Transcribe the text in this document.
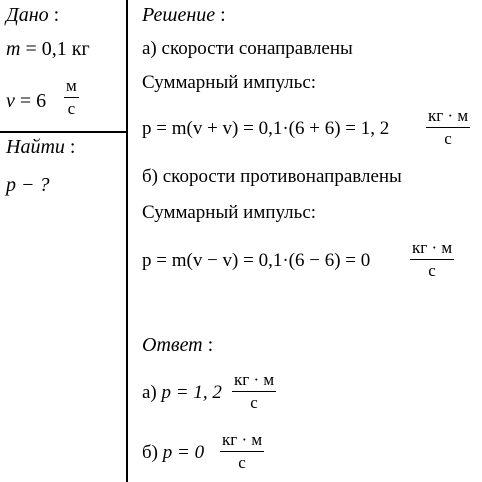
Дано :
m = 0,1 кг
v = 6
м
с
Найти :
p − ?
Решение :
а) скорости сонаправлены
Суммарный импульс:
p = m(v + v) = 0,1·(6 + 6) = 1, 2
кг · м
с
б) скорости противонаправлены
Суммарный импульс:
p = m(v − v) = 0,1·(6 − 6) = 0
кг · м
с
Ответ :
а) p = 1, 2
кг · м
с
б) p = 0
кг · м
с
